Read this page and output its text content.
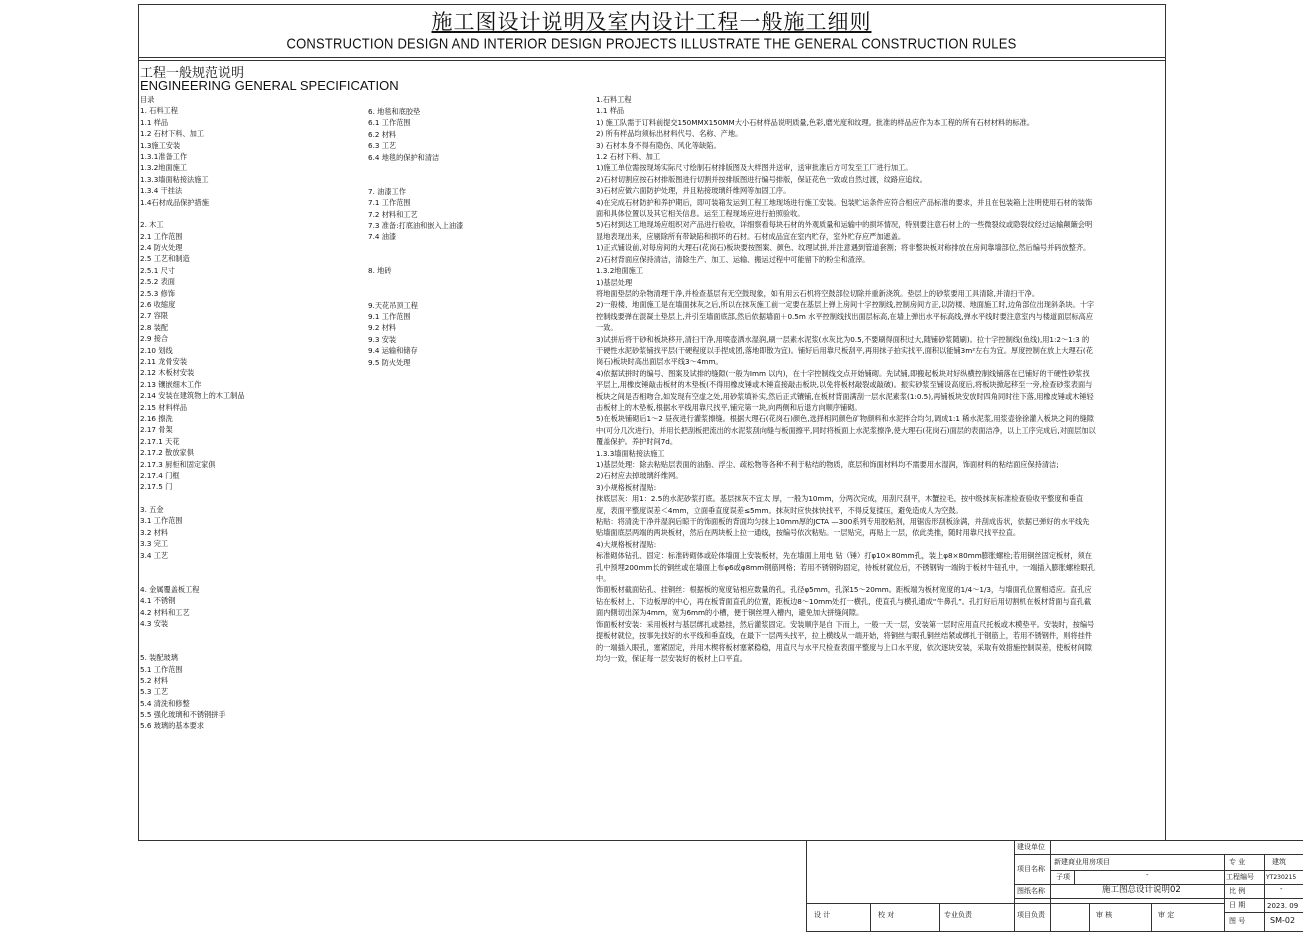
施工图设计说明及室内设计工程一般施工细则
CONSTRUCTION DESIGN AND INTERIOR DESIGN PROJECTS ILLUSTRATE THE GENERAL CONSTRUCTION RULES
工程一般规范说明
ENGINEERING GENERAL SPECIFICATION
目录
1. 石料工程
1.1 样品
1.2 石材下料、加工
1.3施工安装
1.3.1准备工作
1.3.2地面施工
1.3.3墙面粘接法施工
1.3.4 干挂法
1.4石材成品保护措施
2. 木工
2.1 工作范围
2.4 防火处理
2.5 工艺和制造
2.5.1 尺寸
2.5.2 表面
2.5.3 修饰
2.6 收缩度
2.7 容限
2.8 装配
2.9 接合
2.10 划线
2.11 龙骨安装
2.12 木板材安装
2.13 镶嵌细木工作
2.14 安装在建筑物上的木工制品
2.15 材料样品
2.16 擦洗
2.17 骨架
2.17.1 天花
2.17.2 散放家俱
2.17.3 厨柜和固定家俱
2.17.4 门框
2.17.5 门
3. 五金
3.1 工作范围
3.2 材料
3.3 完工
3.4 工艺
4. 金属覆盖板工程
4.1 不锈钢
4.2 材料和工艺
4.3 安装
5. 装配玻璃
5.1 工作范围
5.2 材料
5.3 工艺
5.4 清洗和修整
5.5 强化玻璃和不锈钢拼手
5.6 玻璃的基本要求
6. 地毯和底胶垫
6.1 工作范围
6.2 材料
6.3 工艺
6.4 地毯的保护和清洁
7. 油漆工作
7.1 工作范围
7.2 材料和工艺
7.3 准备:打底油和嵌入上油漆
7.4 油漆
8. 地砖
9.天花吊顶工程
9.1 工作范围
9.2 材料
9.3 安装
9.4 运输和储存
9.5 防火处理
1.石料工程
1.1 样品
1) 施工队需于订料前提交150MMX150MM大小石材样品说明质量,色彩,磨光度和纹理。批准的样品应作为本工程的所有石材材料的标准。
2) 所有样品均须标出材料代号、名称、产地。
3) 石材本身不得有隐伤、风化等缺陷。
1.2 石材下料、加工
1)施工单位需按现场实际尺寸绘制石材排版图及大样图并送审，送审批准后方可发至工厂进行加工。
2)石材切割应按石材排版图进行切割并按排版图进行编号排版，保证花色一致或自然过渡，纹路应追纹。
3)石材应做六面防护处理，并且粘接玻璃纤维网等加固工序。
4)在完成石材防护和养护期后，即可装箱发运到工程工地现场进行施工安装。包装贮运条件应符合相应产品标准的要求，并且在包装箱上注明使用石材的装饰面和具体位置以及其它相关信息。运至工程现场应进行拍照验收。
5)石材到达工地现场应组织对产品进行验收，详细察看每块石材的外观质量和运输中的损坏情况，特别要注意石材上的一些微裂纹或隐裂纹经过运输颠簸会明显地表现出来，应剔除所有带缺陷和损坏的石材。石材成品宜在室内贮存，室外贮存应严加遮盖。
1)正式铺设前,对每房间的大理石(花岗石)板块要按图案、颜色、纹理试拼,并注意遇到管道套割；将非整块板对称排放在房间靠墙部位,然后编号并码放整齐。
2)石材背面应保持清洁，清除生产、加工、运输、搬运过程中可能留下的粉尘和渣滓。
1.3.2地面施工
1)基层处理
将地面垫层的杂物清理干净,并检查基层有无空鼓现象，如有用云石机将空鼓部位切除并重新浇筑。垫层上的砂浆要用工具清除,并清扫干净。
2)一般楼、地面施工是在墙面抹灰之后,所以在抹灰施工前一定要在基层上弹上房间十字控制线,控制房间方正,以防楼、地面施工时,边角部位出现斜条块。十字控制线要弹在混凝土垫层上,并引至墙面底部,然后依据墙面＋0.5m 水平控制线找出面层标高,在墙上弹出水平标高线,弹水平线时要注意室内与楼道面层标高应一致。
3)试拼后将干砂和板块移开,清扫干净,用喷壶洒水湿润,刷一层素水泥浆(水灰比为0.5,不要刷得面积过大,随铺砂浆随刷)。拉十字控制线(鱼线),用1:2～1:3 的干硬性水泥砂浆铺找平层(干硬程度以手捏成团,落地即散为宜)。铺好后用靠尺板刮平,再用抹子拍实找平,面积以能铺3m²左右为宜。厚度控制在放上大理石(花岗石)板块时高出面层水平线3～4mm。
4)依据试拼时的编号、图案及试排的缝隙(一般为Imm 以内)，在十字控制线交点开始铺砌。先试铺,即搬起板块对好纵横控制线铺落在已铺好的干硬性砂浆找平层上,用橡皮锤敲击板材的木垫板(不得用橡皮锤或木锤直接敲击板块,以免将板材敲裂或敲破)。振实砂浆至铺设高度后,将板块掀起移至一旁,检查砂浆表面与板块之间是否相吻合,如发现有空虚之处,用砂浆填补实,然后正式镶铺,在板材背面满刮一层水泥素浆(1:0.5),再铺板块安放时四角同时往下落,用橡皮锤或木锤轻击板材上的木垫板,根据水平线用靠尺找平,铺完第一块,向两侧和后退方向顺序铺砌。
5)在板块铺砌后1～2 昼夜进行灌浆擦缝。根据大理石(花岗石)颜色,选择相同颜色矿物颜料和水泥拌合均匀,调成1:1 稀水泥浆,用浆壶徐徐灌入板块之间的缝隙中(可分几次进行)，并用长把刮板把流出的水泥浆刮向缝与板面擦平,同时将板面上水泥浆擦净,使大理石(花岗石)面层的表面洁净，以上工序完成后,对面层加以覆盖保护。养护时间7d。
1.3.3墙面粘接法施工
1)基层处理：除去粘贴层表面的油脂、浮尘、疏松物等各种不利于粘结的物质，底层和饰面材料均不需要用水湿润，饰面材料的粘结面应保持清洁;
2)石材应去掉玻璃纤维网。
3)小规格板材湿贴:
抹底层灰：用1：2.5的水泥砂浆打底。基层抹灰不宜太 厚，一般为10mm，分两次完成，用刮尺刮平，木蟹拉毛，按中级抹灰标准检查验收平整度和垂直度，表面平整度误差＜4mm，立面垂直度误差≤5mm。抹灰时应快抹快找平，不得反复揉压，避免造成人为空鼓。
粘贴：将清洗干净并湿润后晾干的饰面板的背面均匀抹上10mm厚的JCTA —300系列专用胶粘剂，用锯齿形刮板涂满，并刮成齿状，依据已弹好的水平线先贴墙面底层两端的两块板材，然后在两块板上拉一通线，按编号依次粘贴。一层贴完，再贴上一层，依此类推，随时用靠尺找平拉直。
4)大规格板材湿贴:
标准砌体钻孔、固定：标准砖砌体或砼体墙面上安装板材，先在墙面上用电 钻（锤）打φ10×80mm孔，装上φ8×80mm膨胀螺栓;若用铜丝固定板材，须在孔中预埋200mm长的铜丝或在墙面上布φ6或φ8mm钢筋网格；若用不锈钢钩固定，待板材就位后，不锈钢钩一端钩于板材牛钮孔中，一端插入膨胀螺栓眼孔中。
饰面板材截面钻孔、挂铜丝：根据板的宽度钻相应数量的孔，孔径φ5mm，孔深15～20mm。距板端为板材宽度的1/4～1/3，与墙面孔位置相适应。直孔应钻在板材上、下边板厚的中心，再在板背面直孔的位置，距板边8～10mm处打一横孔，使直孔与横孔通成“牛鼻孔”。孔打好后用切割机在板材背面与直孔截面内側切出深为4mm，宽为6mm的小槽，便于铜丝埋入槽内，避免加大拼缝间隙。
饰面板材安装：采用板材与基层绑扎或悬挂，然后灌浆固定。安装顺序是自 下而上，一般一天一层，安装第一层时应用直尺托板或木模垫平。安装时，按编号提板材就位，按事先找好的水平线和垂直线，在最下一层两头找平，拉上横线从一端开始，将铜丝与眼孔铜丝结紧或绑扎于钢筋上，若用不锈钢件，则将挂件的一端插入眼孔，塞紧固定，并用木楔将板材塞紧稳稳，用直尺与水平尺检查表面平整度与上口水平度，依次逐块安装，采取有效措施控制误差，使板材间隙均匀一致，保证每一层安装好的板材上口平直。
建设单位
项目名称
新建商业用房项目
子项	-
图纸名称	施工图总设计说明02
设 计	校 对	专业负责	项目负责	审 核	审 定
专 业	建筑
工程编号 YT230215
比 例	-
日 期	2023. 09
图 号	SM-02
